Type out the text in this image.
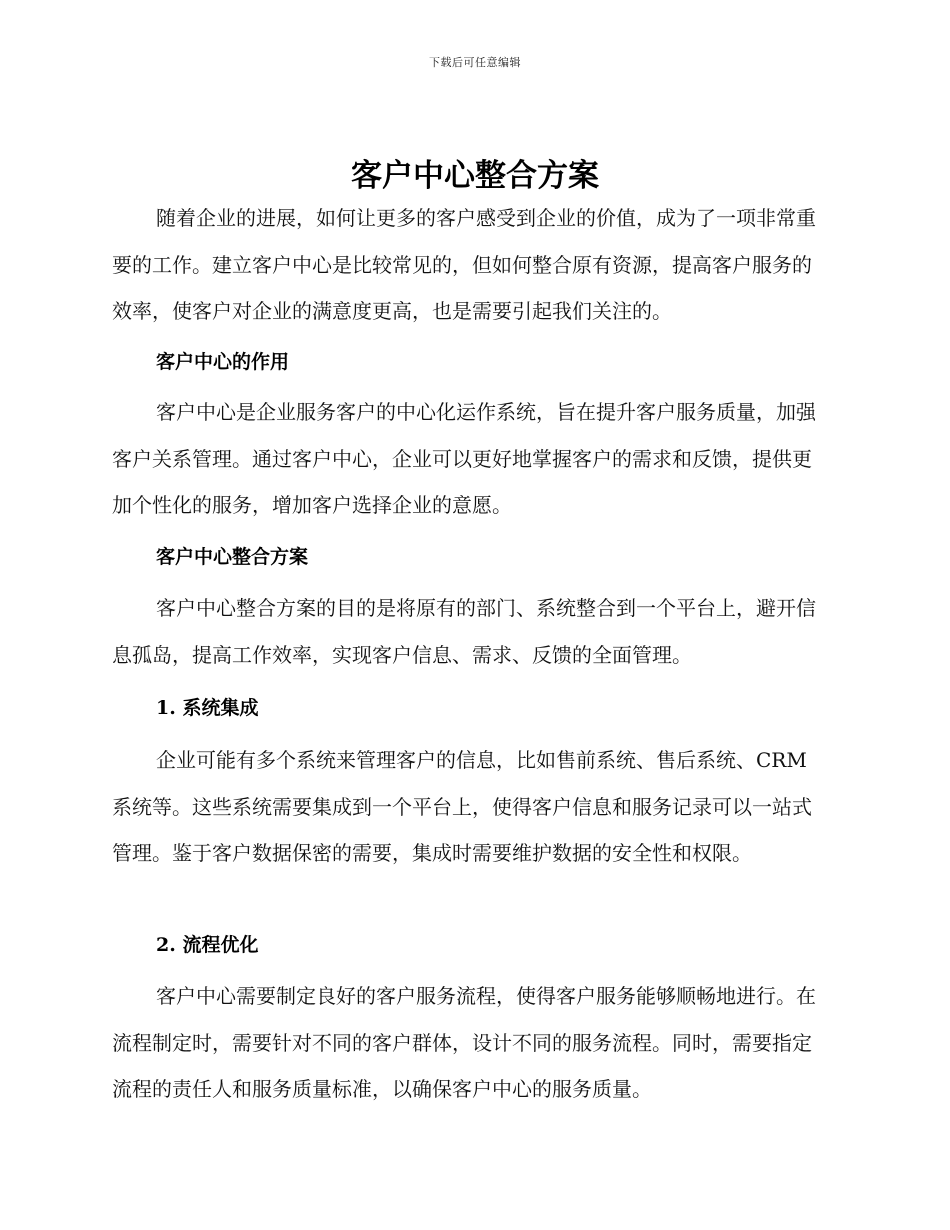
下载后可任意编辑
客户中心整合方案

随着企业的进展，如何让更多的客户感受到企业的价值，成为了一项非常重要的工作。建立客户中心是比较常见的，但如何整合原有资源，提高客户服务的效率，使客户对企业的满意度更高，也是需要引起我们关注的。

客户中心的作用

客户中心是企业服务客户的中心化运作系统，旨在提升客户服务质量，加强客户关系管理。通过客户中心，企业可以更好地掌握客户的需求和反馈，提供更加个性化的服务，增加客户选择企业的意愿。

客户中心整合方案

客户中心整合方案的目的是将原有的部门、系统整合到一个平台上，避开信息孤岛，提高工作效率，实现客户信息、需求、反馈的全面管理。

1. 系统集成

企业可能有多个系统来管理客户的信息，比如售前系统、售后系统、CRM 系统等。这些系统需要集成到一个平台上，使得客户信息和服务记录可以一站式管理。鉴于客户数据保密的需要，集成时需要维护数据的安全性和权限。

2. 流程优化

客户中心需要制定良好的客户服务流程，使得客户服务能够顺畅地进行。在流程制定时，需要针对不同的客户群体，设计不同的服务流程。同时，需要指定流程的责任人和服务质量标准，以确保客户中心的服务质量。
